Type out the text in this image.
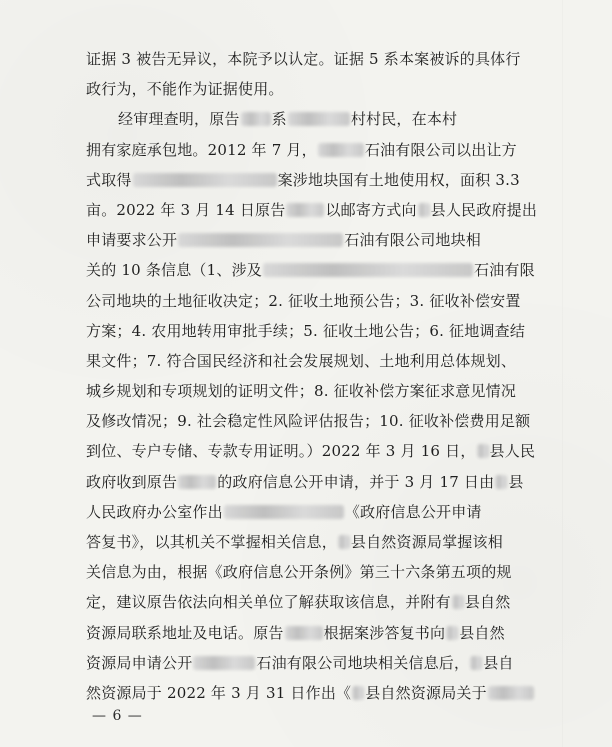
证据 3 被告无异议，本院予以认定。证据 5 系本案被诉的具体行
政行为，不能作为证据使用。
经审理查明，原告 系	村村民，在本村
拥有家庭承包地。2012 年 7 月，	石油有限公司以出让方
式取得	案涉地块国有土地使用权，面积 3.3
亩。2022 年 3 月 14 日原告	以邮寄方式向 县人民政府提出
申请要求公开	石油有限公司地块相
关的 10 条信息（1、涉及	石油有限
公司地块的土地征收决定；2. 征收土地预公告；3. 征收补偿安置
方案；4. 农用地转用审批手续；5. 征收土地公告；6. 征地调查结
果文件；7. 符合国民经济和社会发展规划、土地利用总体规划、
城乡规划和专项规划的证明文件；8. 征收补偿方案征求意见情况
及修改情况；9. 社会稳定性风险评估报告；10. 征收补偿费用足额
到位、专户专储、专款专用证明。）2022 年 3 月 16 日， 县人民
政府收到原告	的政府信息公开申请，并于 3 月 17 日由 县
人民政府办公室作出	《政府信息公开申请
答复书》，以其机关不掌握相关信息， 县自然资源局掌握该相
关信息为由，根据《政府信息公开条例》第三十六条第五项的规
定，建议原告依法向相关单位了解获取该信息，并附有 县自然
资源局联系地址及电话。原告	根据案涉答复书向 县自然
资源局申请公开	石油有限公司地块相关信息后， 县自
然资源局于 2022 年 3 月 31 日作出《 县自然资源局关于
— 6 —
